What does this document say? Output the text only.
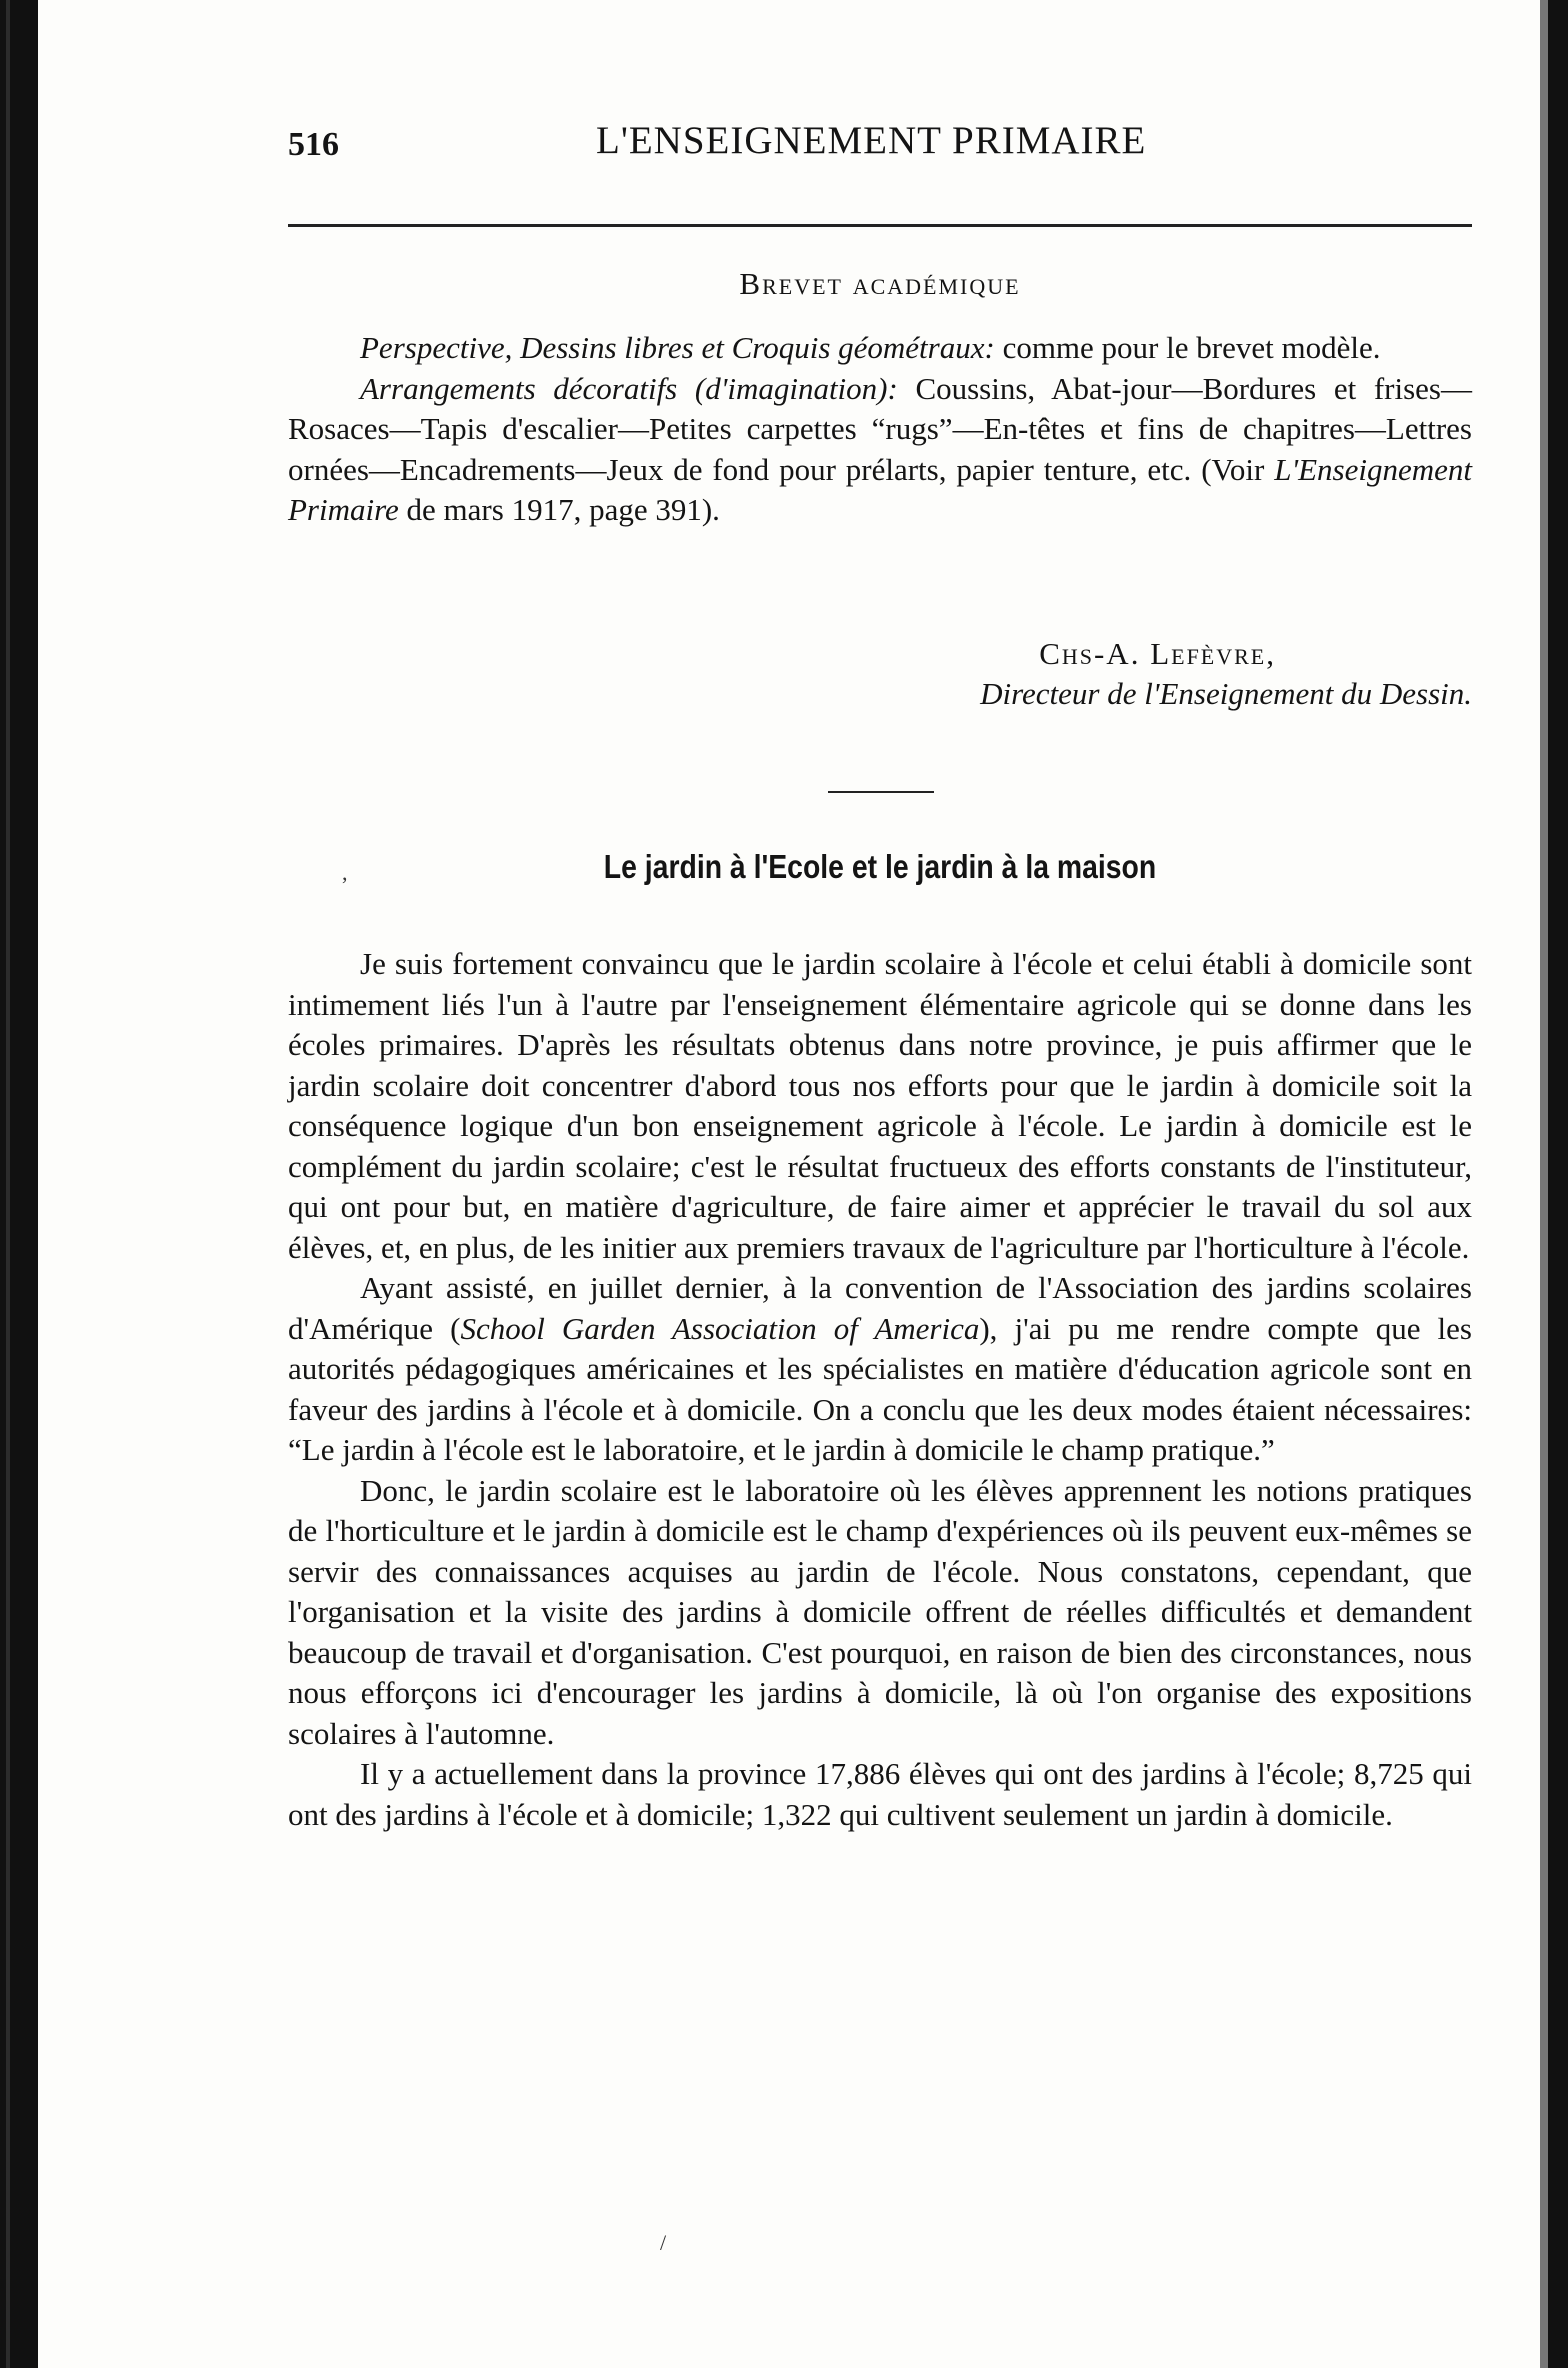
516	L'ENSEIGNEMENT PRIMAIRE
Brevet académique

Perspective, Dessins libres et Croquis géométraux: comme pour le brevet modèle.

Arrangements décoratifs (d'imagination): Coussins, Abat-jour—Bordures et frises—Rosaces—Tapis d'escalier—Petites carpettes “rugs”—En-têtes et fins de chapitres—Lettres ornées—Encadrements—Jeux de fond pour prélarts, papier tenture, etc. (Voir L'Enseignement Primaire de mars 1917, page 391).

Chs-A. Lefèvre,
Directeur de l'Enseignement du Dessin.
,	Le jardin à l'Ecole et le jardin à la maison

Je suis fortement convaincu que le jardin scolaire à l'école et celui établi à domicile sont intimement liés l'un à l'autre par l'enseignement élémentaire agricole qui se donne dans les écoles primaires. D'après les résultats obtenus dans notre province, je puis affirmer que le jardin scolaire doit concentrer d'abord tous nos efforts pour que le jardin à domicile soit la conséquence logique d'un bon enseignement agricole à l'école. Le jardin à domicile est le complément du jardin scolaire; c'est le résultat fructueux des efforts constants de l'instituteur, qui ont pour but, en matière d'agriculture, de faire aimer et apprécier le travail du sol aux élèves, et, en plus, de les initier aux premiers travaux de l'agriculture par l'horticulture à l'école.

Ayant assisté, en juillet dernier, à la convention de l'Association des jardins scolaires d'Amérique (School Garden Association of America), j'ai pu me rendre compte que les autorités pédagogiques américaines et les spécialistes en matière d'éducation agricole sont en faveur des jardins à l'école et à domicile. On a conclu que les deux modes étaient nécessaires: “Le jardin à l'école est le laboratoire, et le jardin à domicile le champ pratique.”

Donc, le jardin scolaire est le laboratoire où les élèves apprennent les notions pratiques de l'horticulture et le jardin à domicile est le champ d'expériences où ils peuvent eux-mêmes se servir des connaissances acquises au jardin de l'école. Nous constatons, cependant, que l'organisation et la visite des jardins à domicile offrent de réelles difficultés et demandent beaucoup de travail et d'organisation. C'est pourquoi, en raison de bien des circonstances, nous nous efforçons ici d'encourager les jardins à domicile, là où l'on organise des expositions scolaires à l'automne.

Il y a actuellement dans la province 17,886 élèves qui ont des jardins à l'école; 8,725 qui ont des jardins à l'école et à domicile; 1,322 qui cultivent seulement un jardin à domicile.

/
